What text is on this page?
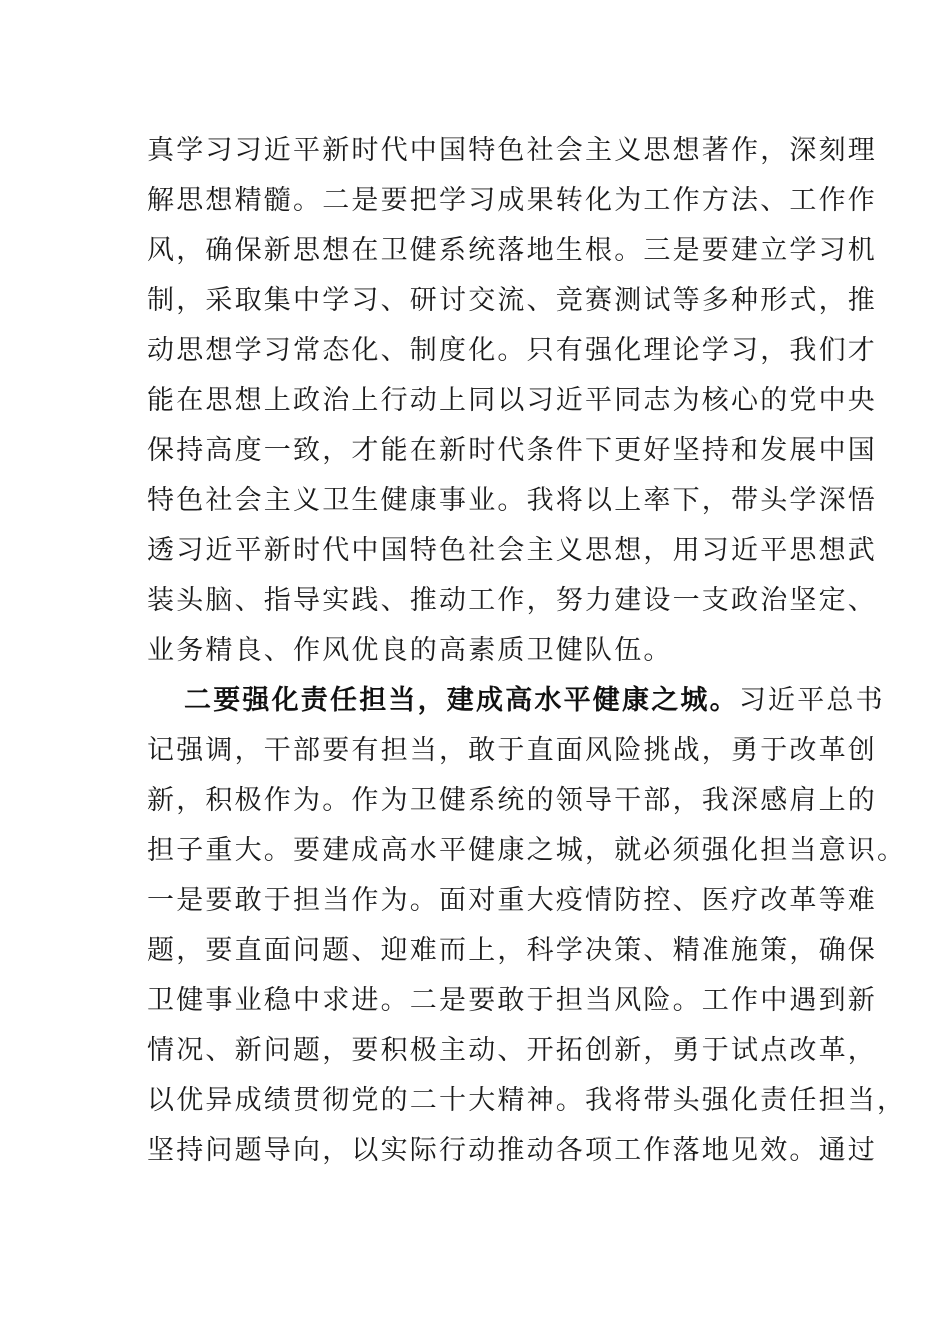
真学习习近平新时代中国特色社会主义思想著作，深刻理
解思想精髓。二是要把学习成果转化为工作方法、工作作
风，确保新思想在卫健系统落地生根。三是要建立学习机
制，采取集中学习、研讨交流、竞赛测试等多种形式，推
动思想学习常态化、制度化。只有强化理论学习，我们才
能在思想上政治上行动上同以习近平同志为核心的党中央
保持高度一致，才能在新时代条件下更好坚持和发展中国
特色社会主义卫生健康事业。我将以上率下，带头学深悟
透习近平新时代中国特色社会主义思想，用习近平思想武
装头脑、指导实践、推动工作，努力建设一支政治坚定、
业务精良、作风优良的高素质卫健队伍。
二要强化责任担当，建成高水平健康之城。习近平总书
记强调，干部要有担当，敢于直面风险挑战，勇于改革创
新，积极作为。作为卫健系统的领导干部，我深感肩上的
担子重大。要建成高水平健康之城，就必须强化担当意识。
一是要敢于担当作为。面对重大疫情防控、医疗改革等难
题，要直面问题、迎难而上，科学决策、精准施策，确保
卫健事业稳中求进。二是要敢于担当风险。工作中遇到新
情况、新问题，要积极主动、开拓创新，勇于试点改革，
以优异成绩贯彻党的二十大精神。我将带头强化责任担当，
坚持问题导向，以实际行动推动各项工作落地见效。通过
